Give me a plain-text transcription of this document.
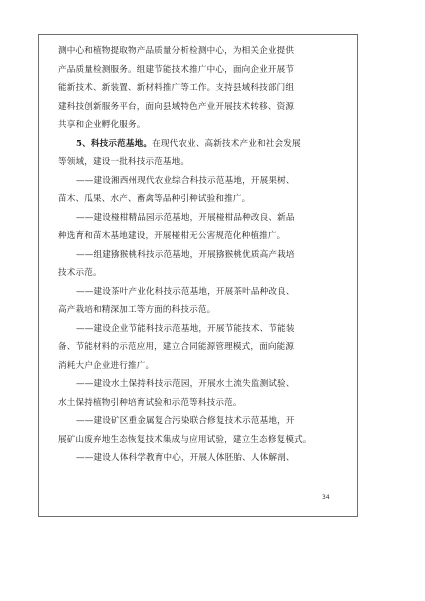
测中心和植物提取物产品质量分析检测中心，为相关企业提供
产品质量检测服务。组建节能技术推广中心，面向企业开展节
能新技术、新装置、新材料推广等工作。支持县域科技部门组
建科技创新服务平台，面向县域特色产业开展技术转移、资源
共享和企业孵化服务。
5、科技示范基地。在现代农业、高新技术产业和社会发展
等领域，建设一批科技示范基地。
——建设湘西州现代农业综合科技示范基地，开展果树、
苗木、瓜果、水产、畜禽等品种引种试验和推广。
——建设椪柑精品园示范基地，开展椪柑品种改良、新品
种选育和苗木基地建设，开展椪柑无公害规范化种植推广。
——组建猕猴桃科技示范基地，开展猕猴桃优质高产栽培
技术示范。
——建设茶叶产业化科技示范基地，开展茶叶品种改良、
高产栽培和精深加工等方面的科技示范。
——建设企业节能科技示范基地，开展节能技术、节能装
备、节能材料的示范应用，建立合同能源管理模式，面向能源
消耗大户企业进行推广。
——建设水土保持科技示范园，开展水土流失监测试验、
水土保持植物引种培育试验和示范等科技示范。
——建设矿区重金属复合污染联合修复技术示范基地，开
展矿山废弃地生态恢复技术集成与应用试验，建立生态修复模式。
——建设人体科学教育中心，开展人体胚胎、人体解剖、
34
